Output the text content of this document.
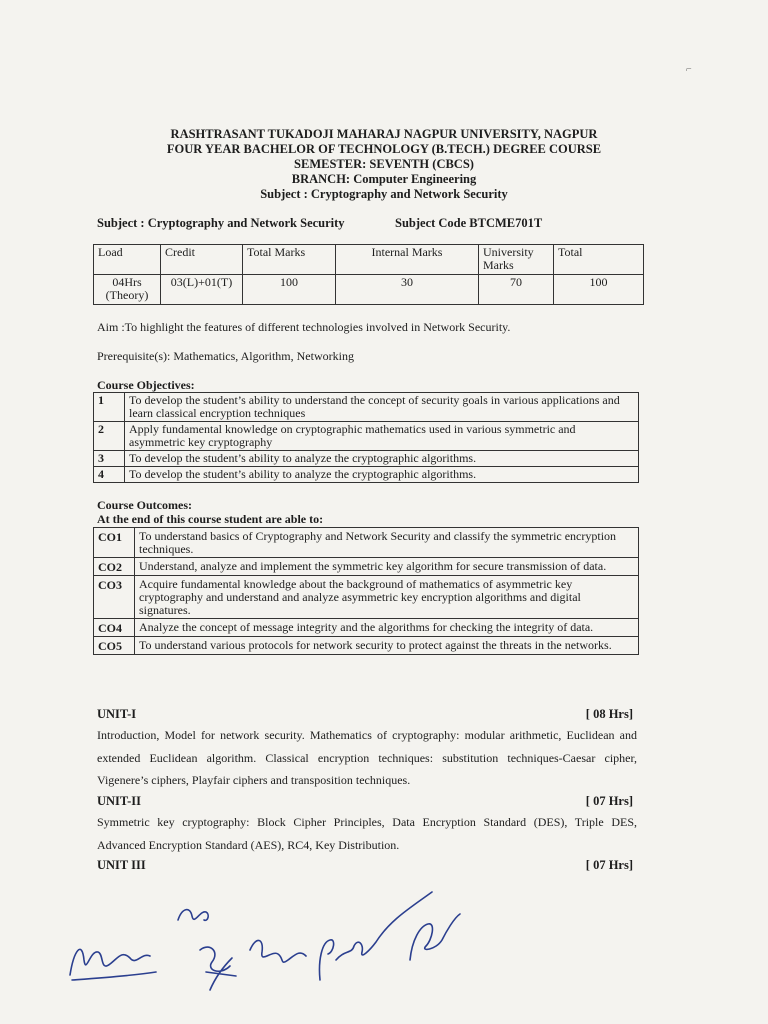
RASHTRASANT TUKADOJI MAHARAJ NAGPUR UNIVERSITY, NAGPUR
FOUR YEAR BACHELOR OF TECHNOLOGY (B.TECH.) DEGREE COURSE
SEMESTER: SEVENTH (CBCS)
BRANCH: Computer Engineering
Subject : Cryptography and Network Security
Subject : Cryptography and Network Security	Subject Code BTCME701T
Load	Credit	Total Marks	Internal Marks	University Marks	Total
04Hrs (Theory)	03(L)+01(T)	100	30	70	100
Aim :To highlight the features of different technologies involved in Network Security.
Prerequisite(s): Mathematics, Algorithm, Networking
Course Objectives:
1	To develop the student’s ability to understand the concept of security goals in various applications and learn classical encryption techniques
2	Apply fundamental knowledge on cryptographic mathematics used in various symmetric and asymmetric key cryptography
3	To develop the student’s ability to analyze the cryptographic algorithms.
4	To develop the student’s ability to analyze the cryptographic algorithms.
Course Outcomes:
At the end of this course student are able to:
CO1	To understand basics of Cryptography and Network Security and classify the symmetric encryption techniques.
CO2	Understand, analyze and implement the symmetric key algorithm for secure transmission of data.
CO3	Acquire fundamental knowledge about the background of mathematics of asymmetric key cryptography and understand and analyze asymmetric key encryption algorithms and digital signatures.
CO4	Analyze the concept of message integrity and the algorithms for checking the integrity of data.
CO5	To understand various protocols for network security to protect against the threats in the networks.
UNIT-I	[ 08 Hrs]
Introduction, Model for network security. Mathematics of cryptography: modular arithmetic, Euclidean and extended Euclidean algorithm. Classical encryption techniques: substitution techniques-Caesar cipher, Vigenere’s ciphers, Playfair ciphers and transposition techniques.
UNIT-II	[ 07 Hrs]
Symmetric key cryptography: Block Cipher Principles, Data Encryption Standard (DES), Triple DES, Advanced Encryption Standard (AES), RC4, Key Distribution.
UNIT III	[ 07 Hrs]
⌐
